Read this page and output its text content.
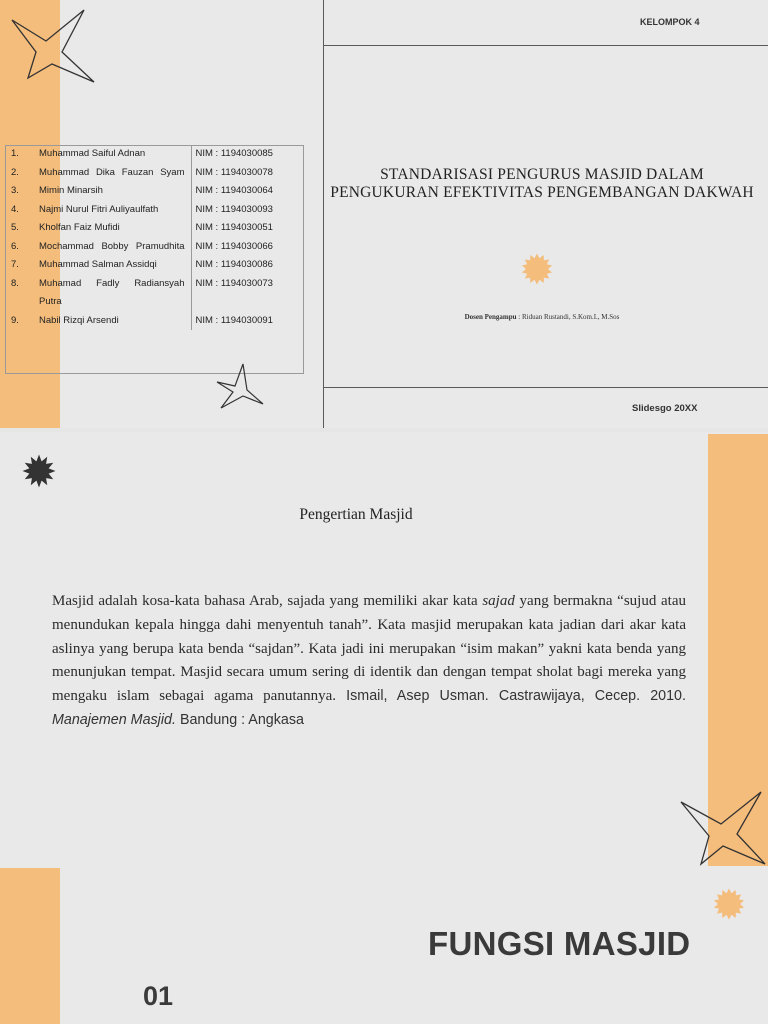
KELOMPOK 4
STANDARISASI PENGURUS MASJID DALAM PENGUKURAN EFEKTIVITAS PENGEMBANGAN DAKWAH
Dosen Pengampu : Riduan Rustandi, S.Kom.I., M.Sos
Slidesgo 20XX
1.	Muhammad Saiful Adnan	NIM : 1194030085
2.	Muhammad Dika Fauzan Syam	NIM : 1194030078
3.	Mimin Minarsih	NIM : 1194030064
4.	Najmi Nurul Fitri Auliyaulfath	NIM : 1194030093
5.	Kholfan Faiz Mufidi	NIM : 1194030051
6.	Mochammad Bobby Pramudhita	NIM : 1194030066
7.	Muhammad Salman Assidqi	NIM : 1194030086
8.	Muhamad Fadly Radiansyah Putra	NIM : 1194030073
9.	Nabil Rizqi Arsendi	NIM : 1194030091
Pengertian Masjid

Masjid adalah kosa-kata bahasa Arab, sajada yang memiliki akar kata sajad yang bermakna “sujud atau menundukan kepala hingga dahi menyentuh tanah”. Kata masjid merupakan kata jadian dari akar kata aslinya yang berupa kata benda “sajdan”. Kata jadi ini merupakan “isim makan” yakni kata benda yang menunjukan tempat. Masjid secara umum sering di identik dan dengan tempat sholat bagi mereka yang mengaku islam sebagai agama panutannya. Ismail, Asep Usman. Castrawijaya, Cecep. 2010. Manajemen Masjid. Bandung : Angkasa

FUNGSI MASJID
01
